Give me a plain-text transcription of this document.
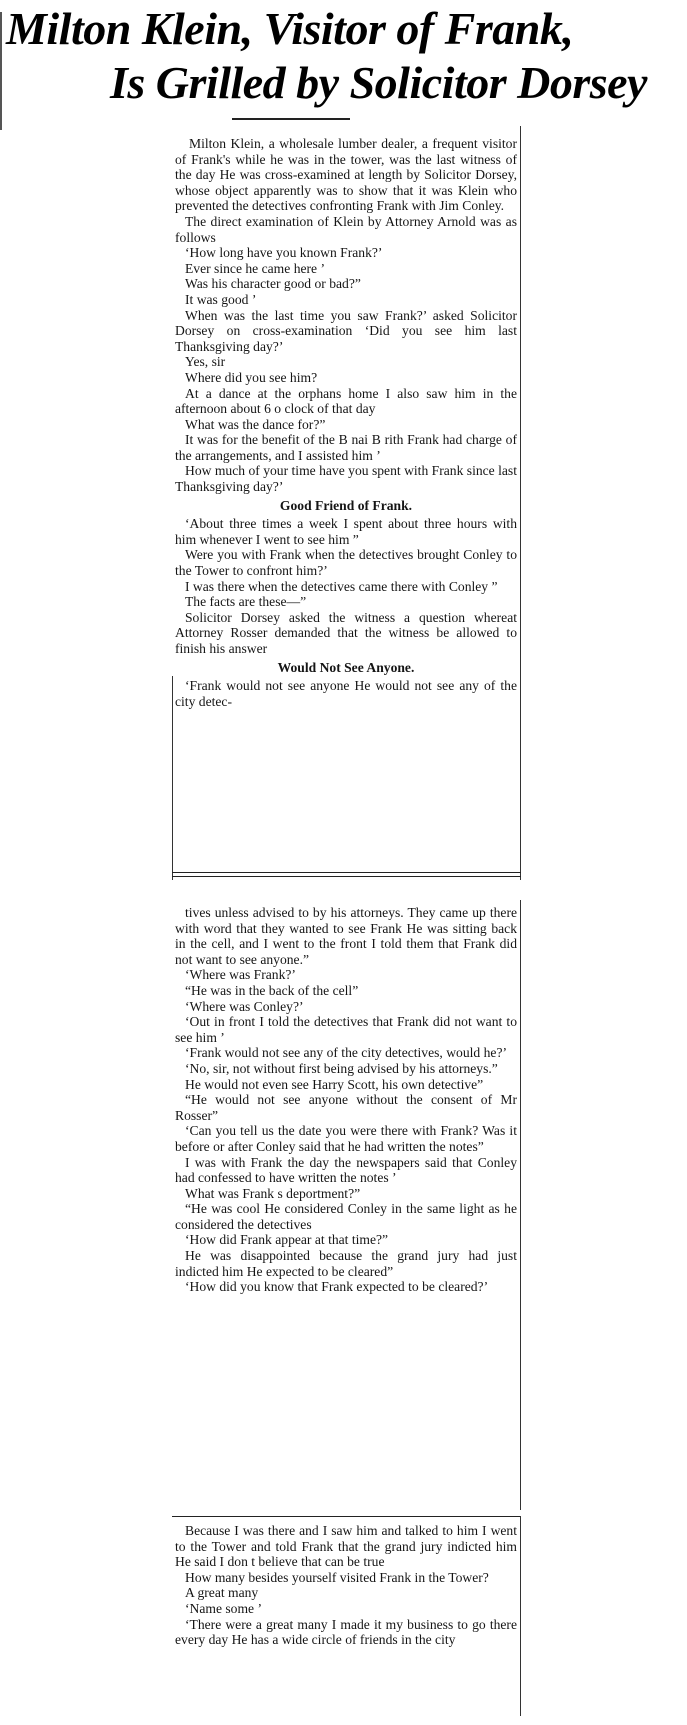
Milton Klein, Visitor of Frank,
Is Grilled by Solicitor Dorsey

Milton Klein, a wholesale lumber dealer, a frequent visitor of Frank's while he was in the tower, was the last witness of the day He was cross-examined at length by Solicitor Dorsey, whose object apparently was to show that it was Klein who prevented the detectives confronting Frank with Jim Conley.

The direct examination of Klein by Attorney Arnold was as follows

‘How long have you known Frank?’

Ever since he came here ’

Was his character good or bad?”

It was good ’

When was the last time you saw Frank?’ asked Solicitor Dorsey on cross-examination ‘Did you see him last Thanksgiving day?’

Yes, sir

Where did you see him?

At a dance at the orphans home I also saw him in the afternoon about 6 o clock of that day

What was the dance for?”

It was for the benefit of the B nai B rith Frank had charge of the arrangements, and I assisted him ’

How much of your time have you spent with Frank since last Thanksgiving day?’

Good Friend of Frank.

‘About three times a week I spent about three hours with him whenever I went to see him ”

Were you with Frank when the detectives brought Conley to the Tower to confront him?’

I was there when the detectives came there with Conley ”

The facts are these—”

Solicitor Dorsey asked the witness a question whereat Attorney Rosser demanded that the witness be allowed to finish his answer

Would Not See Anyone.

‘Frank would not see anyone He would not see any of the city detec-

tives unless advised to by his attorneys. They came up there with word that they wanted to see Frank He was sitting back in the cell, and I went to the front I told them that Frank did not want to see anyone.”

‘Where was Frank?’

“He was in the back of the cell”

‘Where was Conley?’

‘Out in front I told the detectives that Frank did not want to see him ’

‘Frank would not see any of the city detectives, would he?’

‘No, sir, not without first being advised by his attorneys.”

He would not even see Harry Scott, his own detective”

“He would not see anyone without the consent of Mr Rosser”

‘Can you tell us the date you were there with Frank? Was it before or after Conley said that he had written the notes”

I was with Frank the day the newspapers said that Conley had confessed to have written the notes ’

What was Frank s deportment?”

“He was cool He considered Conley in the same light as he considered the detectives

‘How did Frank appear at that time?”

He was disappointed because the grand jury had just indicted him He expected to be cleared”

‘How did you know that Frank expected to be cleared?’

Because I was there and I saw him and talked to him I went to the Tower and told Frank that the grand jury indicted him He said I don t believe that can be true

How many besides yourself visited Frank in the Tower?

A great many

‘Name some ’

‘There were a great many I made it my business to go there every day He has a wide circle of friends in the city
